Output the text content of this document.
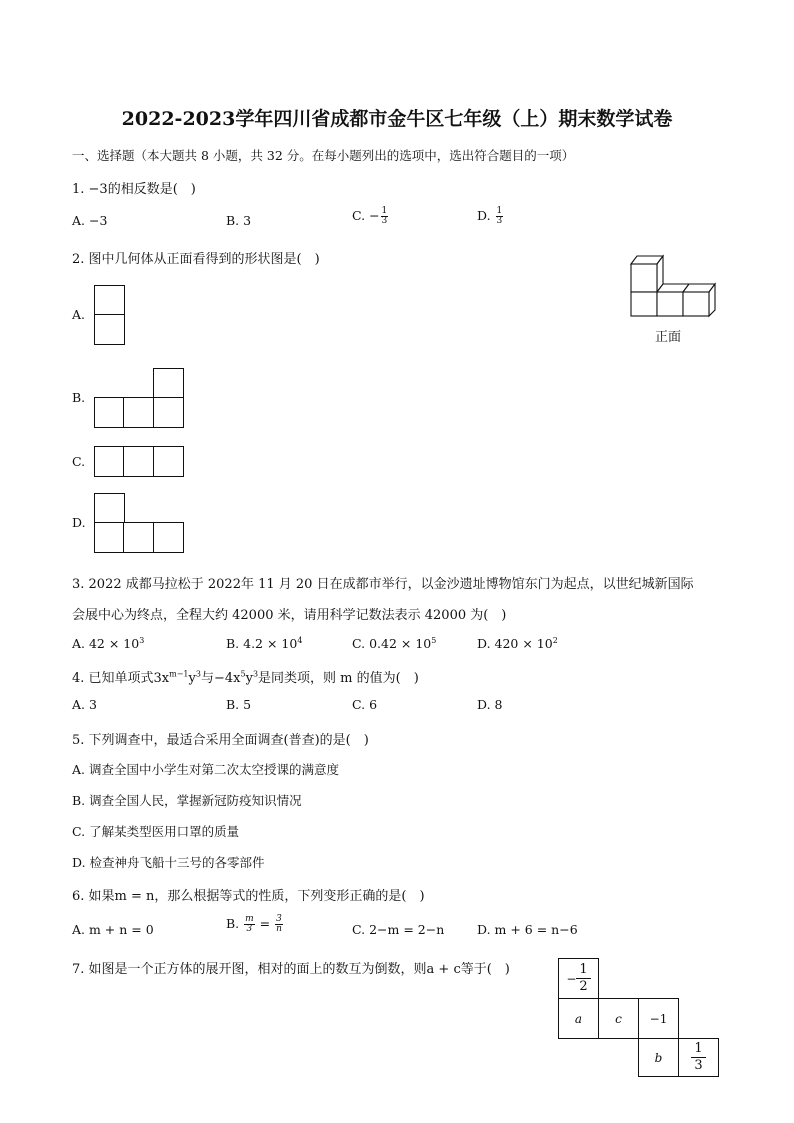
2022-2023学年四川省成都市金牛区七年级（上）期末数学试卷
一、选择题（本大题共 8 小题，共 32 分。在每小题列出的选项中，选出符合题目的一项）
1. −3的相反数是(　)
A. −3	B. 3	C. − $\frac{1}{3}$	D. $\frac{1}{3}$
2. 图中几何体从正面看得到的形状图是(　)
正面
A.
B.
C.
D.
3. 2022 成都马拉松于 2022年 11 月 20 日在成都市举行，以金沙遗址博物馆东门为起点，以世纪城新国际
会展中心为终点，全程大约 42000 米，请用科学记数法表示 42000 为(　)
A. $42 \times 10^3$	B. $4.2 \times 10^4$	C. $0.42 \times 10^5$	D. $420 \times 10^2$
4. 已知单项式$3x^{m-1}y^3$与$-4x^5y^3$是同类项，则 m 的值为(　)
A. 3	B. 5	C. 6	D. 8
5. 下列调查中，最适合采用全面调查(普查)的是(　)
A. 调查全国中小学生对第二次太空授课的满意度
B. 调查全国人民，掌握新冠防疫知识情况
C. 了解某类型医用口罩的质量
D. 检查神舟飞船十三号的各零部件
6. 如果m = n，那么根据等式的性质，下列变形正确的是(　)
A. m + n = 0	B. $\frac{m}{3} = \frac{3}{n}$	C. 2−m = 2−n	D. m + 6 = n−6
7. 如图是一个正方体的展开图，相对的面上的数互为倒数，则a + c等于(　)
− $\frac{1}{2}$
a	c	−1
b
1
3
